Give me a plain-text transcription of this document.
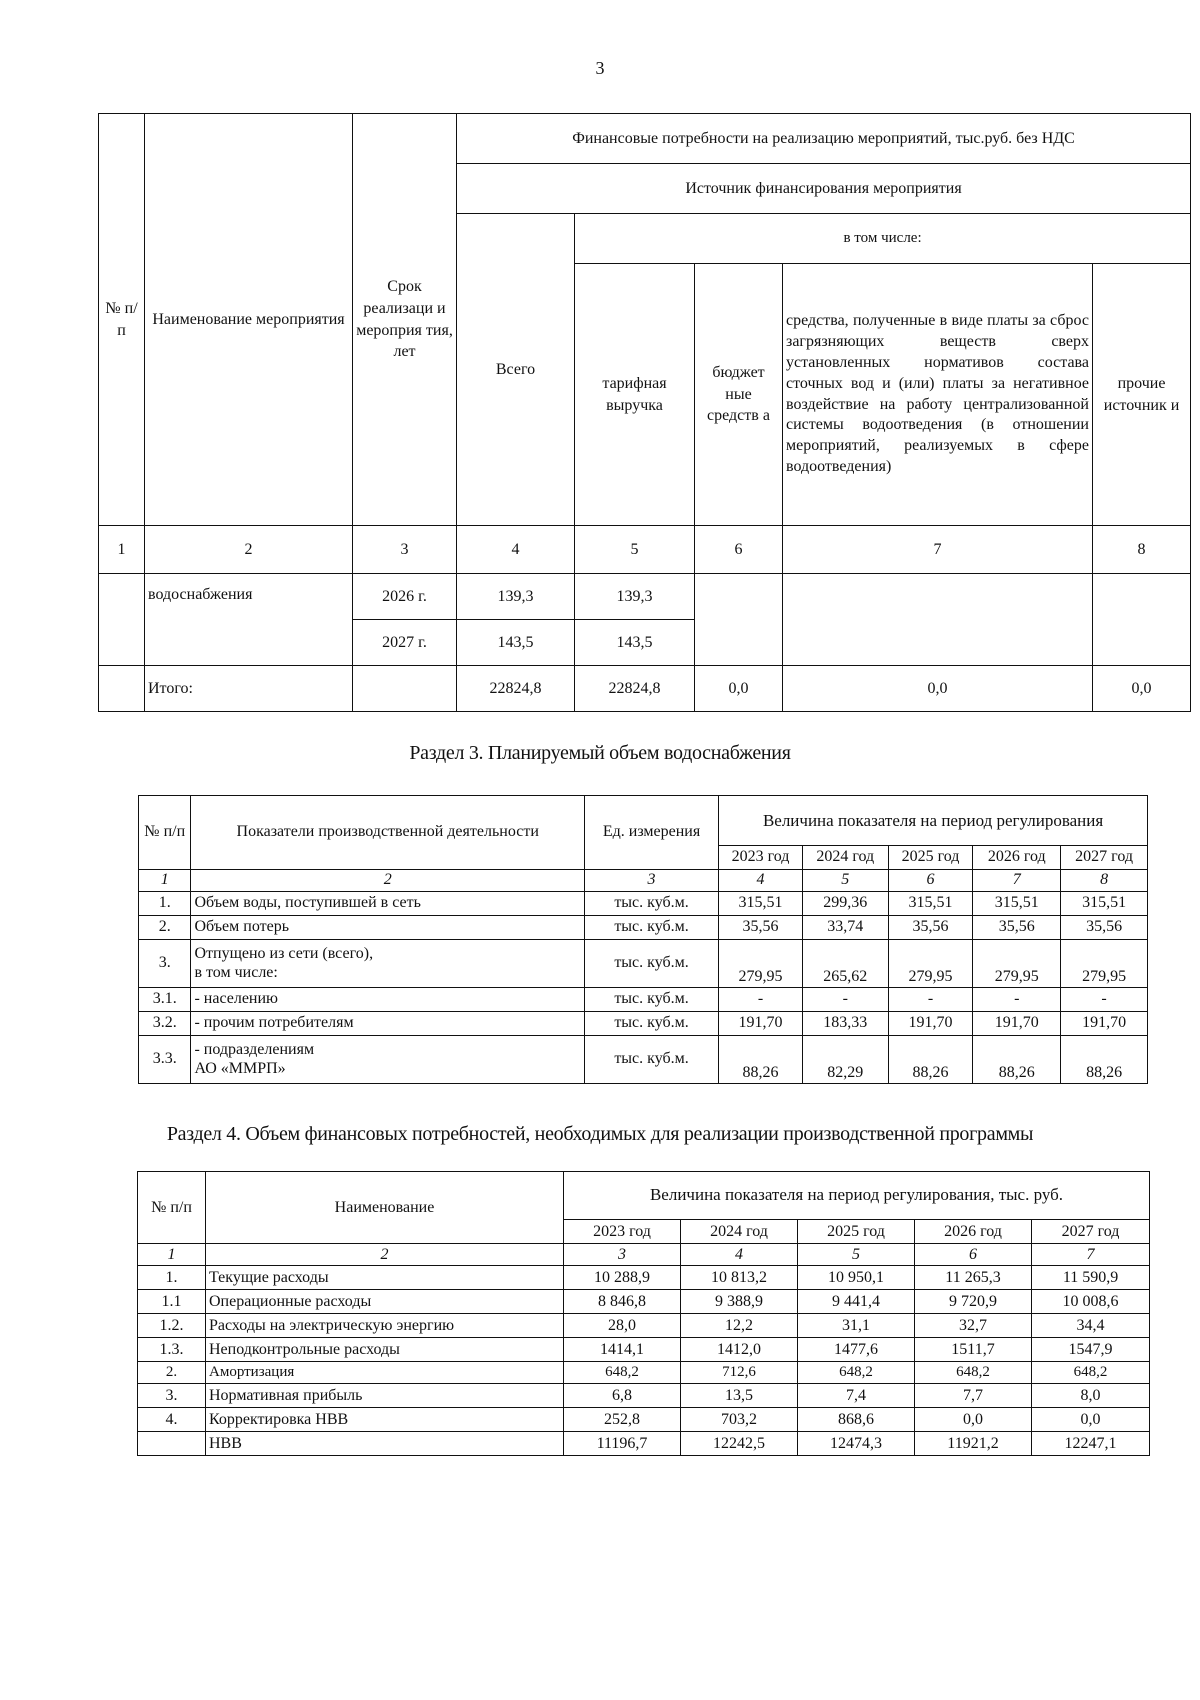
3
№ п/п	Наименование мероприятия	Срок реализаци и мероприя тия, лет	Финансовые потребности на реализацию мероприятий, тыс.руб. без НДС				
			Источник финансирования мероприятия				
			Всего	в том числе:			
				тарифная выручка	бюджет ные средств а	средства, полученные в виде платы за сброс загрязняющих веществ сверх установленных нормативов состава сточных вод и (или) платы за негативное воздействие на работу централизованной системы водоотведения (в отношении мероприятий, реализуемых в сфере водоотведения)	прочие источник и
1	2	3	4	5	6	7	8
	водоснабжения	2026 г.	139,3	139,3			
		2027 г.	143,5	143,5			
	Итого:		22824,8	22824,8	0,0	0,0	0,0
Раздел 3. Планируемый объем водоснабжения
№ п/п	Показатели производственной деятельности	Ед. измерения	Величина показателя на период регулирования				
			2023 год	2024 год	2025 год	2026 год	2027 год
1	2	3	4	5	6	7	8
1.	Объем воды, поступившей в сеть	тыс. куб.м.	315,51	299,36	315,51	315,51	315,51
2.	Объем потерь	тыс. куб.м.	35,56	33,74	35,56	35,56	35,56
3.	Отпущено из сети (всего),
в том числе:	тыс. куб.м.	279,95	265,62	279,95	279,95	279,95
3.1.	- населению	тыс. куб.м.	-	-	-	-	-
3.2.	- прочим потребителям	тыс. куб.м.	191,70	183,33	191,70	191,70	191,70
3.3.	- подразделениям
АО «ММРП»	тыс. куб.м.	88,26	82,29	88,26	88,26	88,26
Раздел 4. Объем финансовых потребностей, необходимых для реализации производственной программы
№ п/п	Наименование	Величина показателя на период регулирования, тыс. руб.				
		2023 год	2024 год	2025 год	2026 год	2027 год
1	2	3	4	5	6	7
1.	Текущие расходы	10 288,9	10 813,2	10 950,1	11 265,3	11 590,9
1.1	Операционные расходы	8 846,8	9 388,9	9 441,4	9 720,9	10 008,6
1.2.	Расходы на электрическую энергию	28,0	12,2	31,1	32,7	34,4
1.3.	Неподконтрольные расходы	1414,1	1412,0	1477,6	1511,7	1547,9
2.	Амортизация	648,2	712,6	648,2	648,2	648,2
3.	Нормативная прибыль	6,8	13,5	7,4	7,7	8,0
4.	Корректировка НВВ	252,8	703,2	868,6	0,0	0,0
	НВВ	11196,7	12242,5	12474,3	11921,2	12247,1
